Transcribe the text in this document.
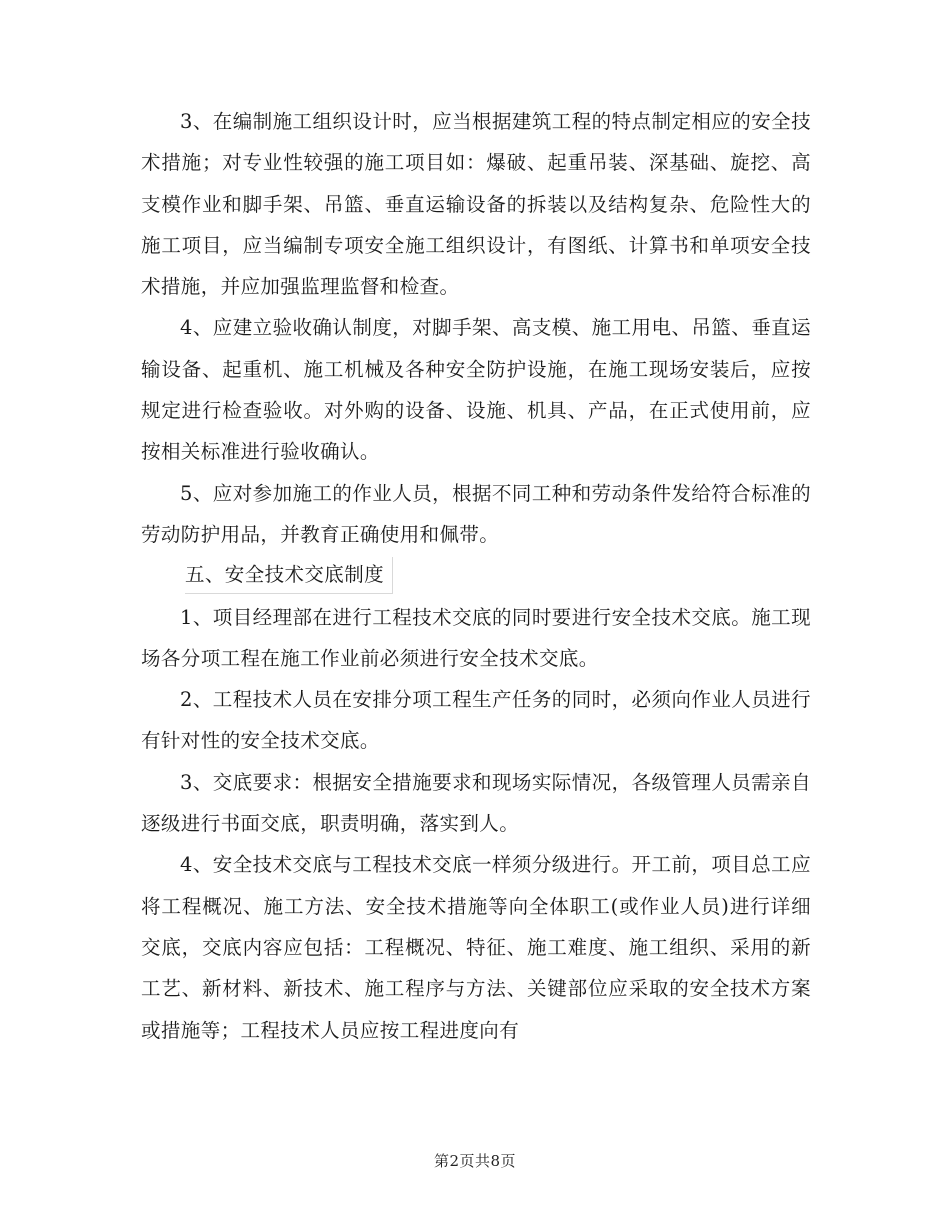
3、在编制施工组织设计时，应当根据建筑工程的特点制定相应的安全技术措施；对专业性较强的施工项目如：爆破、起重吊装、深基础、旋挖、高支模作业和脚手架、吊篮、垂直运输设备的拆装以及结构复杂、危险性大的施工项目，应当编制专项安全施工组织设计，有图纸、计算书和单项安全技术措施，并应加强监理监督和检查。

4、应建立验收确认制度，对脚手架、高支模、施工用电、吊篮、垂直运输设备、起重机、施工机械及各种安全防护设施，在施工现场安装后，应按规定进行检查验收。对外购的设备、设施、机具、产品，在正式使用前，应按相关标准进行验收确认。

5、应对参加施工的作业人员，根据不同工种和劳动条件发给符合标准的劳动防护用品，并教育正确使用和佩带。

五、安全技术交底制度

1、项目经理部在进行工程技术交底的同时要进行安全技术交底。施工现场各分项工程在施工作业前必须进行安全技术交底。

2、工程技术人员在安排分项工程生产任务的同时，必须向作业人员进行有针对性的安全技术交底。

3、交底要求：根据安全措施要求和现场实际情况，各级管理人员需亲自逐级进行书面交底，职责明确，落实到人。

4、安全技术交底与工程技术交底一样须分级进行。开工前，项目总工应将工程概况、施工方法、安全技术措施等向全体职工(或作业人员)进行详细交底，交底内容应包括：工程概况、特征、施工难度、施工组织、采用的新工艺、新材料、新技术、施工程序与方法、关键部位应采取的安全技术方案或措施等；工程技术人员应按工程进度向有

第2页共8页
